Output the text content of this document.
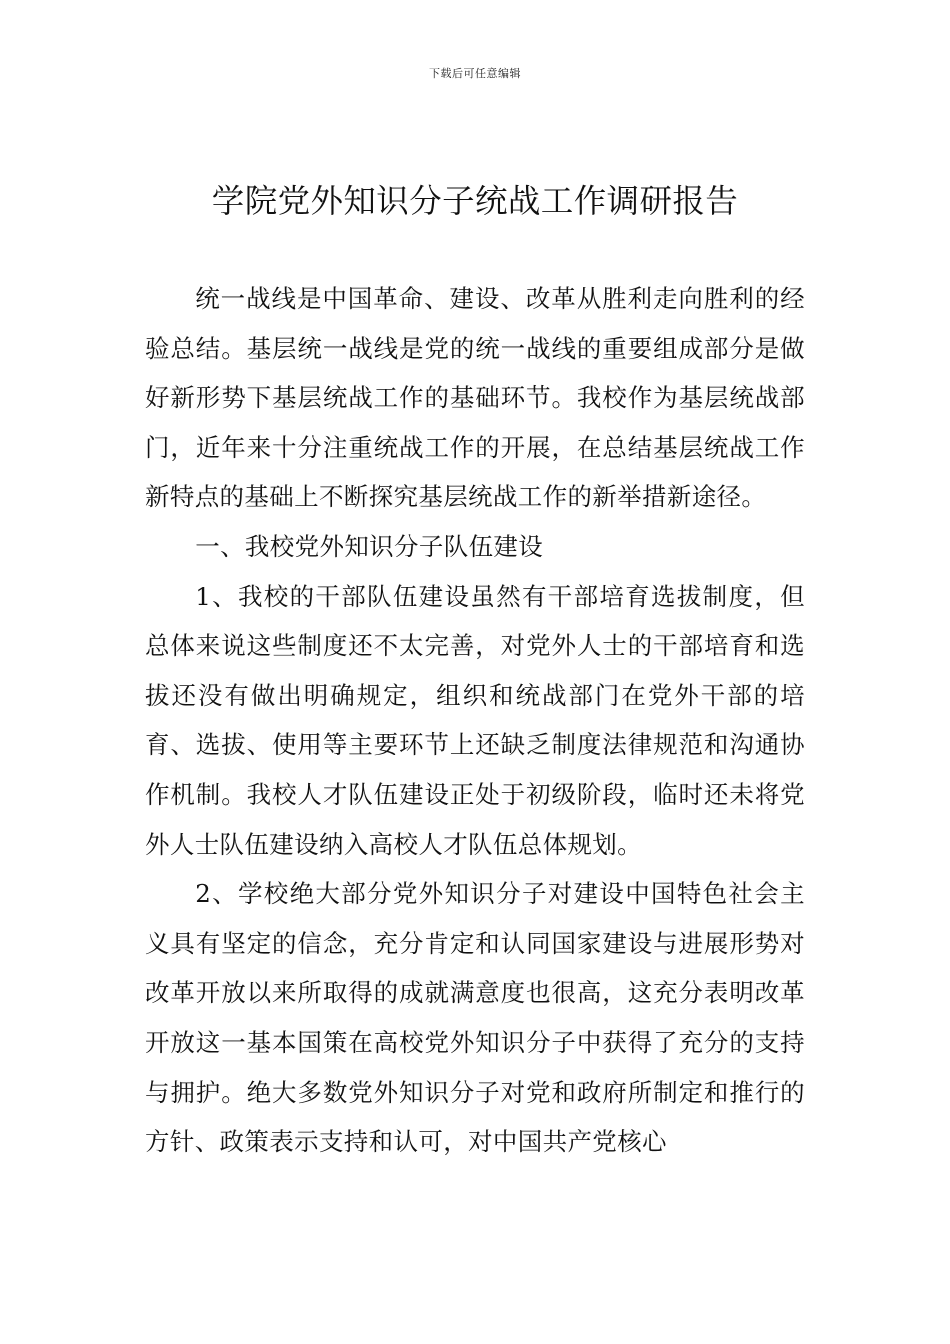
下载后可任意编辑
学院党外知识分子统战工作调研报告

统一战线是中国革命、建设、改革从胜利走向胜利的经验总结。基层统一战线是党的统一战线的重要组成部分是做好新形势下基层统战工作的基础环节。我校作为基层统战部门，近年来十分注重统战工作的开展，在总结基层统战工作新特点的基础上不断探究基层统战工作的新举措新途径。

一、我校党外知识分子队伍建设

1、我校的干部队伍建设虽然有干部培育选拔制度，但总体来说这些制度还不太完善，对党外人士的干部培育和选拔还没有做出明确规定，组织和统战部门在党外干部的培育、选拔、使用等主要环节上还缺乏制度法律规范和沟通协作机制。我校人才队伍建设正处于初级阶段，临时还未将党外人士队伍建设纳入高校人才队伍总体规划。

2、学校绝大部分党外知识分子对建设中国特色社会主义具有坚定的信念，充分肯定和认同国家建设与进展形势对改革开放以来所取得的成就满意度也很高，这充分表明改革开放这一基本国策在高校党外知识分子中获得了充分的支持与拥护。绝大多数党外知识分子对党和政府所制定和推行的方针、政策表示支持和认可，对中国共产党核心
